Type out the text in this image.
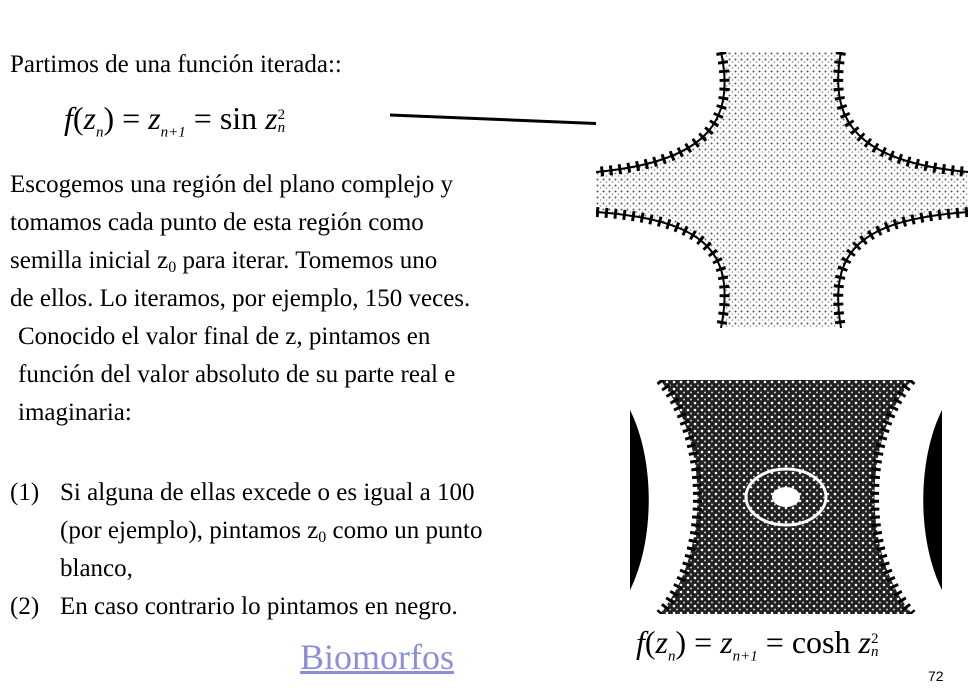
Partimos de una función iterada::
$f(z_n) = z_{n+1} = \sin z2$
n
Escogemos una región del plano complejo y
tomamos cada punto de esta región como
semilla inicial $z_0$ para iterar. Tomemos uno
de ellos. Lo iteramos, por ejemplo, 150 veces.
Conocido el valor final de z, pintamos en
función del valor absoluto de su parte real e
imaginaria:
(1) Si alguna de ellas excede o es igual a 100
(por ejemplo), pintamos $z_0$ como un punto
blanco,
(2) En caso contrario lo pintamos en negro.
$f(z_n) = z_{n+1} = \cosh z2$
n
Biomorfos	72
